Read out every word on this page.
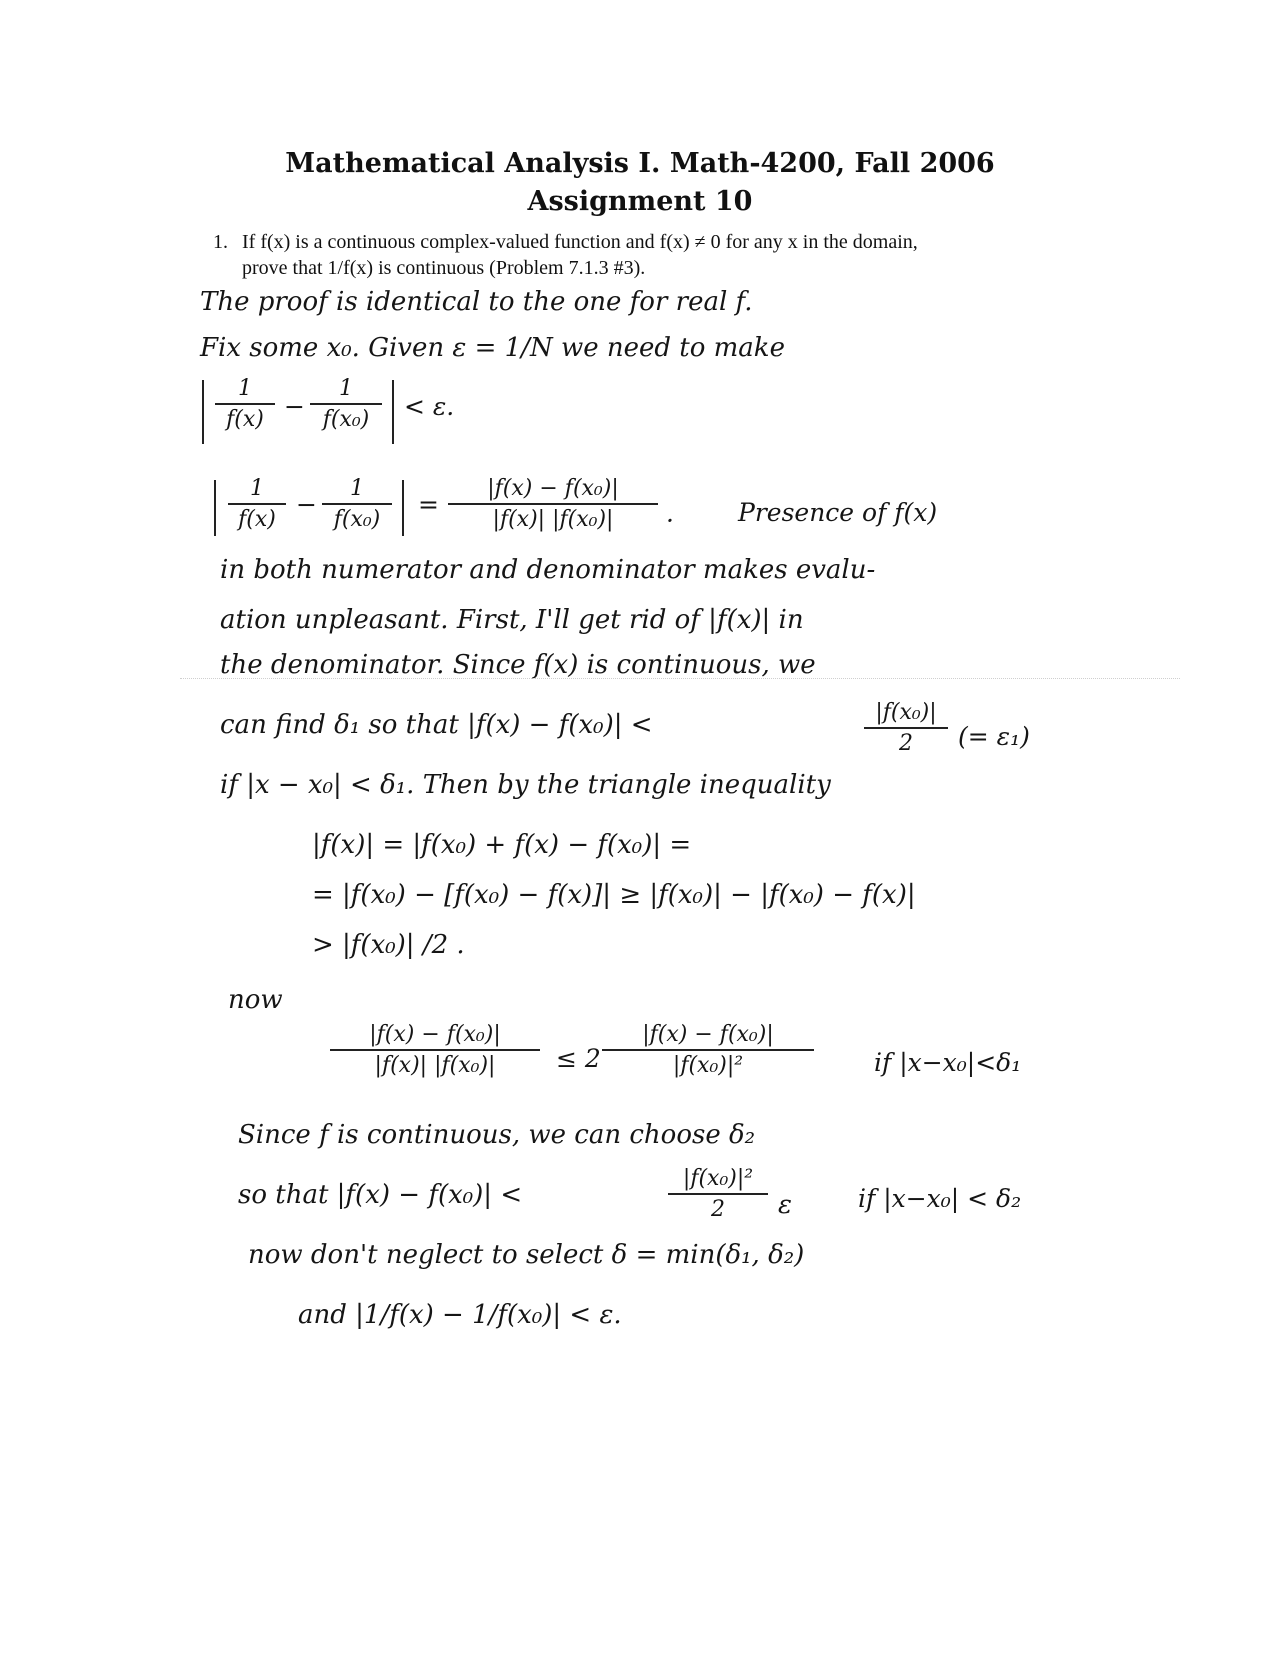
Mathematical Analysis I. Math-4200, Fall 2006
Assignment 10
1. If f(x) is a continuous complex-valued function and f(x) ≠ 0 for any x in the domain,
prove that 1/f(x) is continuous (Problem 7.1.3 #3).
The proof is identical to the one for real f.
Fix some x₀. Given ε = 1/N we need to make
1
f(x) −
1
f(x₀) < ε.
1
f(x)
−
1
f(x₀)
=
|f(x) − f(x₀)|
|f(x)| |f(x₀)| ·	Presence of f(x)
in both numerator and denominator makes evalu-
ation unpleasant. First, I'll get rid of |f(x)| in
the denominator. Since f(x) is continuous, we
can find δ₁ so that |f(x) − f(x₀)| <	|f(x₀)|
2 (= ε₁)
if |x − x₀| < δ₁. Then by the triangle inequality
|f(x)| = |f(x₀) + f(x) − f(x₀)| =
= |f(x₀) − [f(x₀) − f(x)]| ≥ |f(x₀)| − |f(x₀) − f(x)|
> |f(x₀)| /2 .
now
|f(x) − f(x₀)|
|f(x)| |f(x₀)| ≤ 2
|f(x) − f(x₀)|
|f(x₀)|²	if |x−x₀|<δ₁
Since f is continuous, we can choose δ₂
so that |f(x) − f(x₀)| <
|f(x₀)|²
2 ε	if |x−x₀| < δ₂
now don't neglect to select δ = min(δ₁, δ₂)
and |1/f(x) − 1/f(x₀)| < ε.
